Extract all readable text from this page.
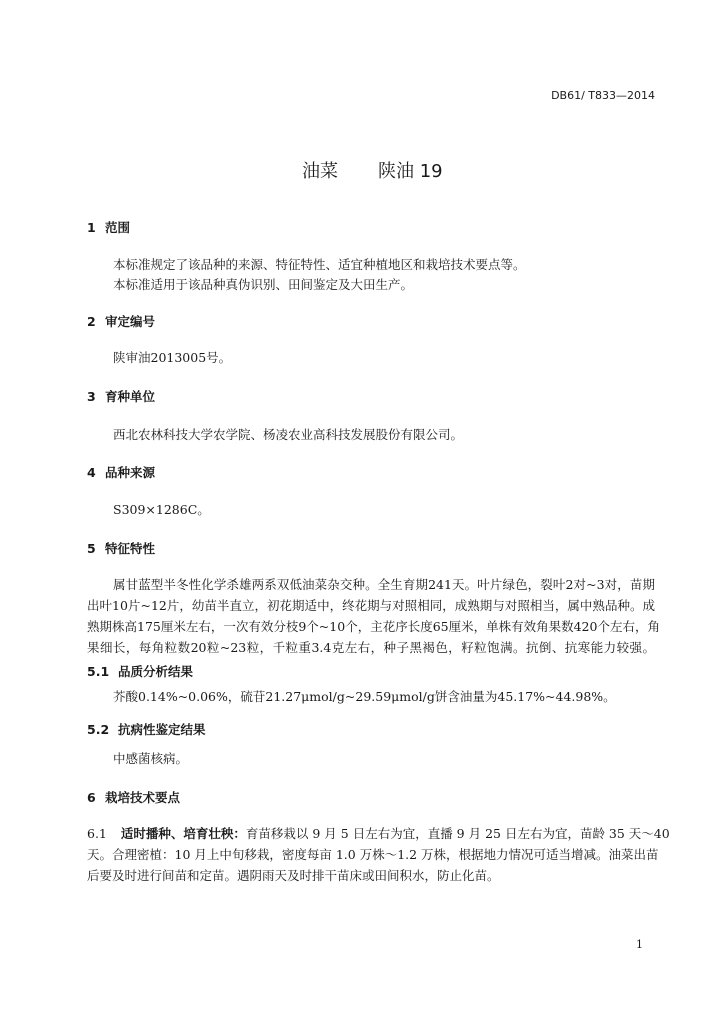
DB61/ T833—2014
油菜 陕油 19
1 范围
本标准规定了该品种的来源、特征特性、适宜种植地区和栽培技术要点等。
本标准适用于该品种真伪识别、田间鉴定及大田生产。
2 审定编号
陕审油2013005号。
3 育种单位
西北农林科技大学农学院、杨凌农业高科技发展股份有限公司。
4 品种来源
S309×1286C。
5 特征特性
属甘蓝型半冬性化学杀雄两系双低油菜杂交种。全生育期241天。叶片绿色，裂叶2对~3对，苗期
出叶10片~12片，幼苗半直立，初花期适中，终花期与对照相同，成熟期与对照相当，属中熟品种。成
熟期株高175厘米左右，一次有效分枝9个~10个，主花序长度65厘米，单株有效角果数420个左右，角
果细长，每角粒数20粒~23粒，千粒重3.4克左右，种子黑褐色，籽粒饱满。抗倒、抗寒能力较强。
5.1 品质分析结果
芥酸0.14%~0.06%，硫苷21.27μmol/g~29.59μmol/g饼含油量为45.17%~44.98%。
5.2 抗病性鉴定结果
中感菌核病。
6 栽培技术要点
6.1 适时播种、培育壮秧：育苗移栽以 9 月 5 日左右为宜，直播 9 月 25 日左右为宜，苗龄 35 天～40
天。合理密植：10 月上中旬移栽，密度每亩 1.0 万株～1.2 万株，根据地力情况可适当增减。油菜出苗
后要及时进行间苗和定苗。遇阴雨天及时排干苗床或田间积水，防止化苗。
1
